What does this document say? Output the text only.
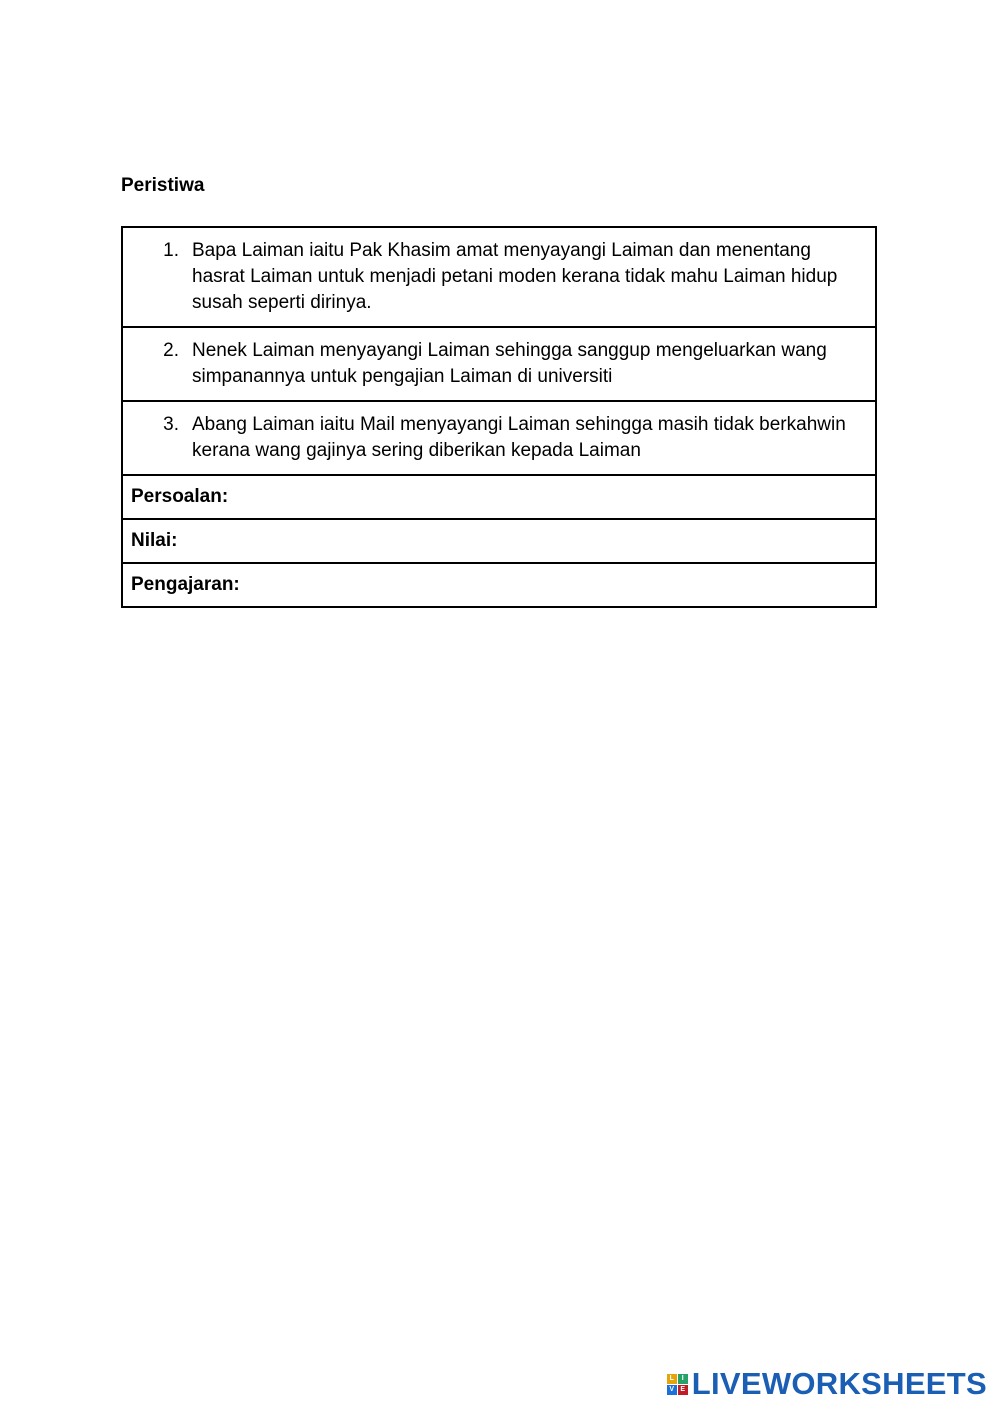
Peristiwa
1. Bapa Laiman iaitu Pak Khasim amat menyayangi Laiman dan menentang hasrat Laiman untuk menjadi petani moden kerana tidak mahu Laiman hidup susah seperti dirinya.

2. Nenek Laiman menyayangi Laiman sehingga sanggup mengeluarkan wang simpanannya untuk pengajian Laiman di universiti

3. Abang Laiman iaitu Mail menyayangi Laiman sehingga masih tidak berkahwin kerana wang gajinya sering diberikan kepada Laiman

Persoalan:
Nilai:
Pengajaran:
L	I
V E LIVEWORKSHEETS
